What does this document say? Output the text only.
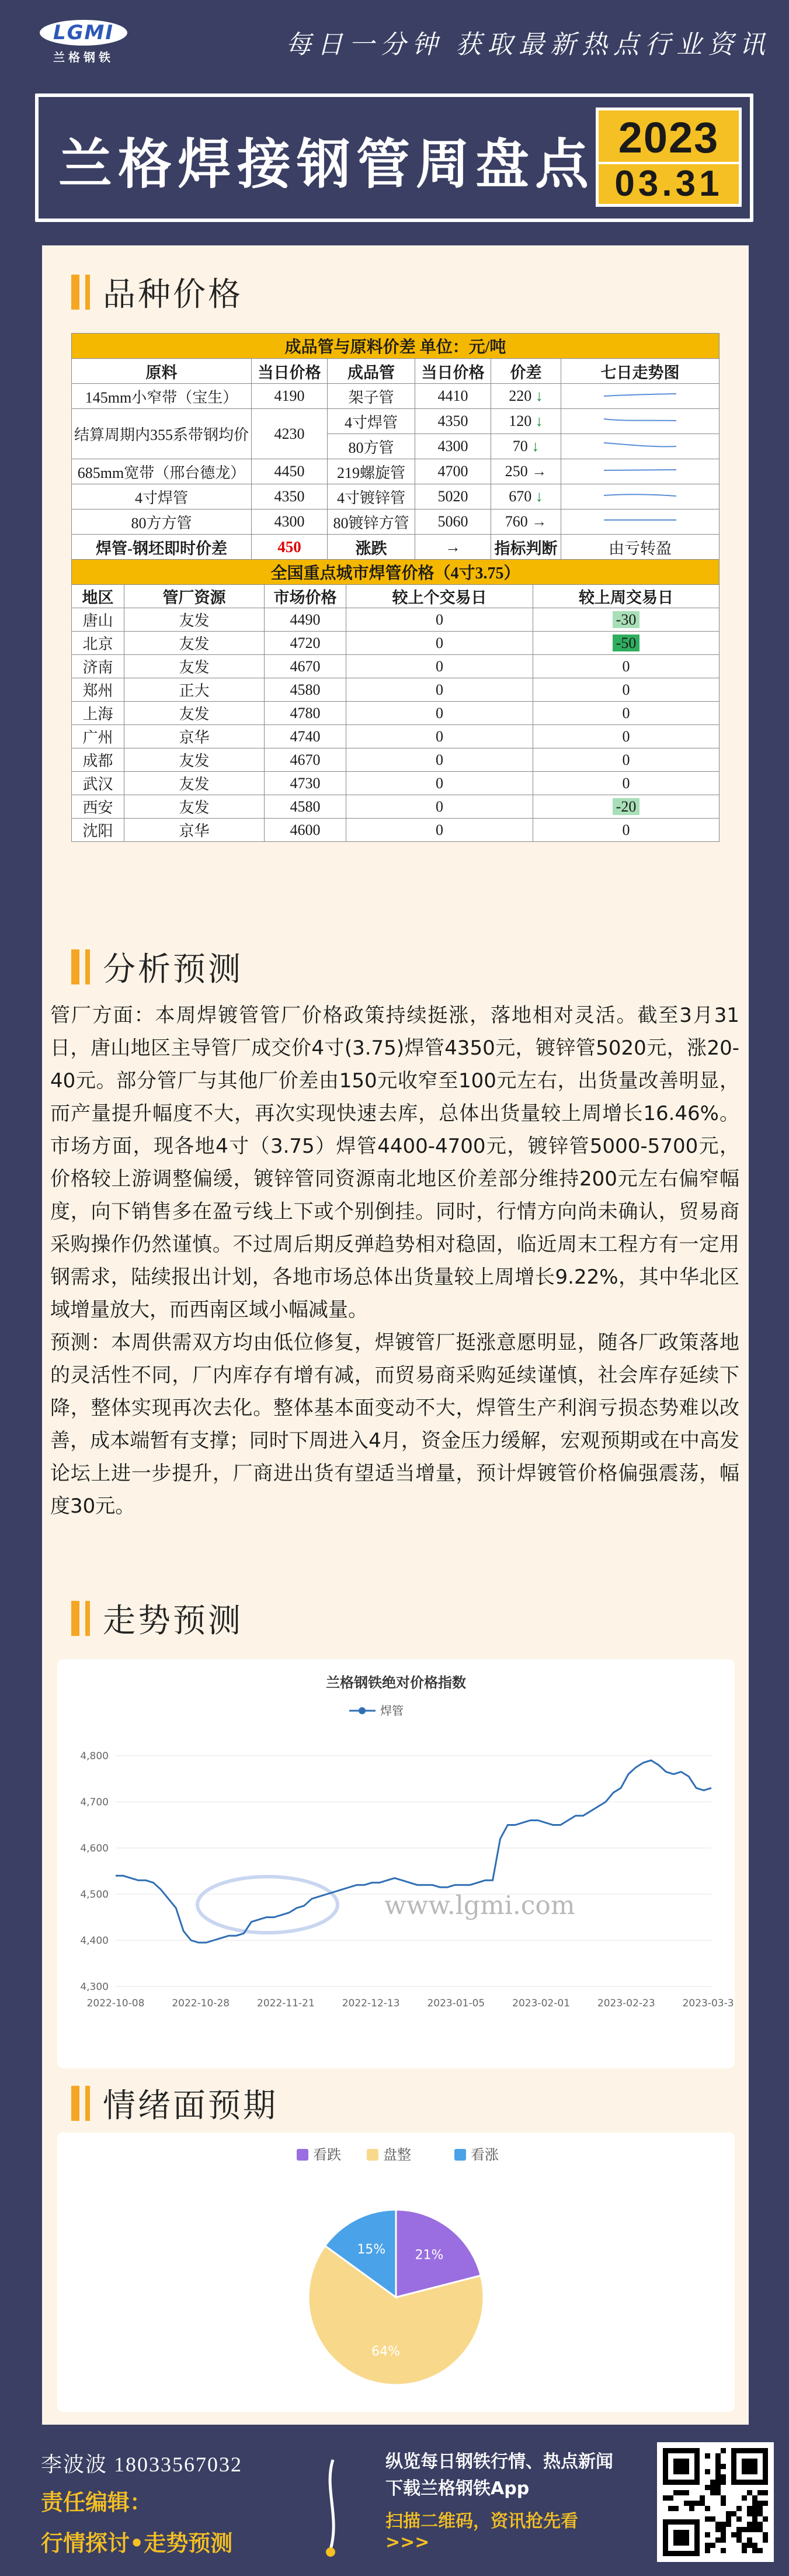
LGMI
兰格钢铁	每日一分钟 获取最新热点行业资讯
兰格焊接钢管周盘点 2023
03.31
品种价格
成品管与原料价差 单位：元/吨					
原料	当日价格	成品管	当日价格	价差	七日走势图
145mm小窄带（宝生）	4190	架子管	4410	220 ↓	
结算周期内355系带钢均价	4230	4寸焊管	4350	120 ↓	
		80方管	4300	70 ↓	
685mm宽带（邢台德龙）	4450	219螺旋管	4700	250 →	
4寸焊管	4350	4寸镀锌管	5020	670 ↓	
80方方管	4300	80镀锌方管	5060	760 →	
焊管-钢坯即时价差	450	涨跌	→	指标判断	由亏转盈
全国重点城市焊管价格（4寸3.75）					
地区	管厂资源	市场价格	较上个交易日	较上周交易日
唐山	友发	4490	0	-30
北京	友发	4720	0	-50
济南	友发	4670	0	0
郑州	正大	4580	0	0
上海	友发	4780	0	0
广州	京华	4740	0	0
成都	友发	4670	0	0
武汉	友发	4730	0	0
西安	友发	4580	0	-20
沈阳	京华	4600	0	0
分析预测

管厂方面：本周焊镀管管厂价格政策持续挺涨，落地相对灵活。截至3月31日，唐山地区主导管厂成交价4寸(3.75)焊管4350元，镀锌管5020元，涨20-40元。部分管厂与其他厂价差由150元收窄至100元左右，出货量改善明显，而产量提升幅度不大，再次实现快速去库，总体出货量较上周增长16.46%。市场方面，现各地4寸（3.75）焊管4400-4700元，镀锌管5000-5700元，价格较上游调整偏缓，镀锌管同资源南北地区价差部分维持200元左右偏窄幅度，向下销售多在盈亏线上下或个别倒挂。同时，行情方向尚未确认，贸易商采购操作仍然谨慎。不过周后期反弹趋势相对稳固，临近周末工程方有一定用钢需求，陆续报出计划，各地市场总体出货量较上周增长9.22%，其中华北区域增量放大，而西南区域小幅减量。

预测：本周供需双方均由低位修复，焊镀管厂挺涨意愿明显，随各厂政策落地的灵活性不同，厂内库存有增有减，而贸易商采购延续谨慎，社会库存延续下降，整体实现再次去化。整体基本面变动不大，焊管生产利润亏损态势难以改善，成本端暂有支撑；同时下周进入4月，资金压力缓解，宏观预期或在中高发论坛上进一步提升，厂商进出货有望适当增量，预计焊镀管价格偏强震荡，幅度30元。

走势预测
兰格钢铁绝对价格指数
焊管
4,300
4,400
4,500
4,600
4,700
4,800
2022-10-08	2022-10-28	2022-11-21	2022-12-13	2023-01-05	2023-02-01	2023-02-23	2023-03-31
www.lgmi.com
情绪面预期
看跌	盘整	看涨
21%
64%
15%
李波波 18033567032
责任编辑：
行情探讨•走势预测
纵览每日钢铁行情、热点新闻
下载兰格钢铁App
扫描二维码，资讯抢先看
>>>
